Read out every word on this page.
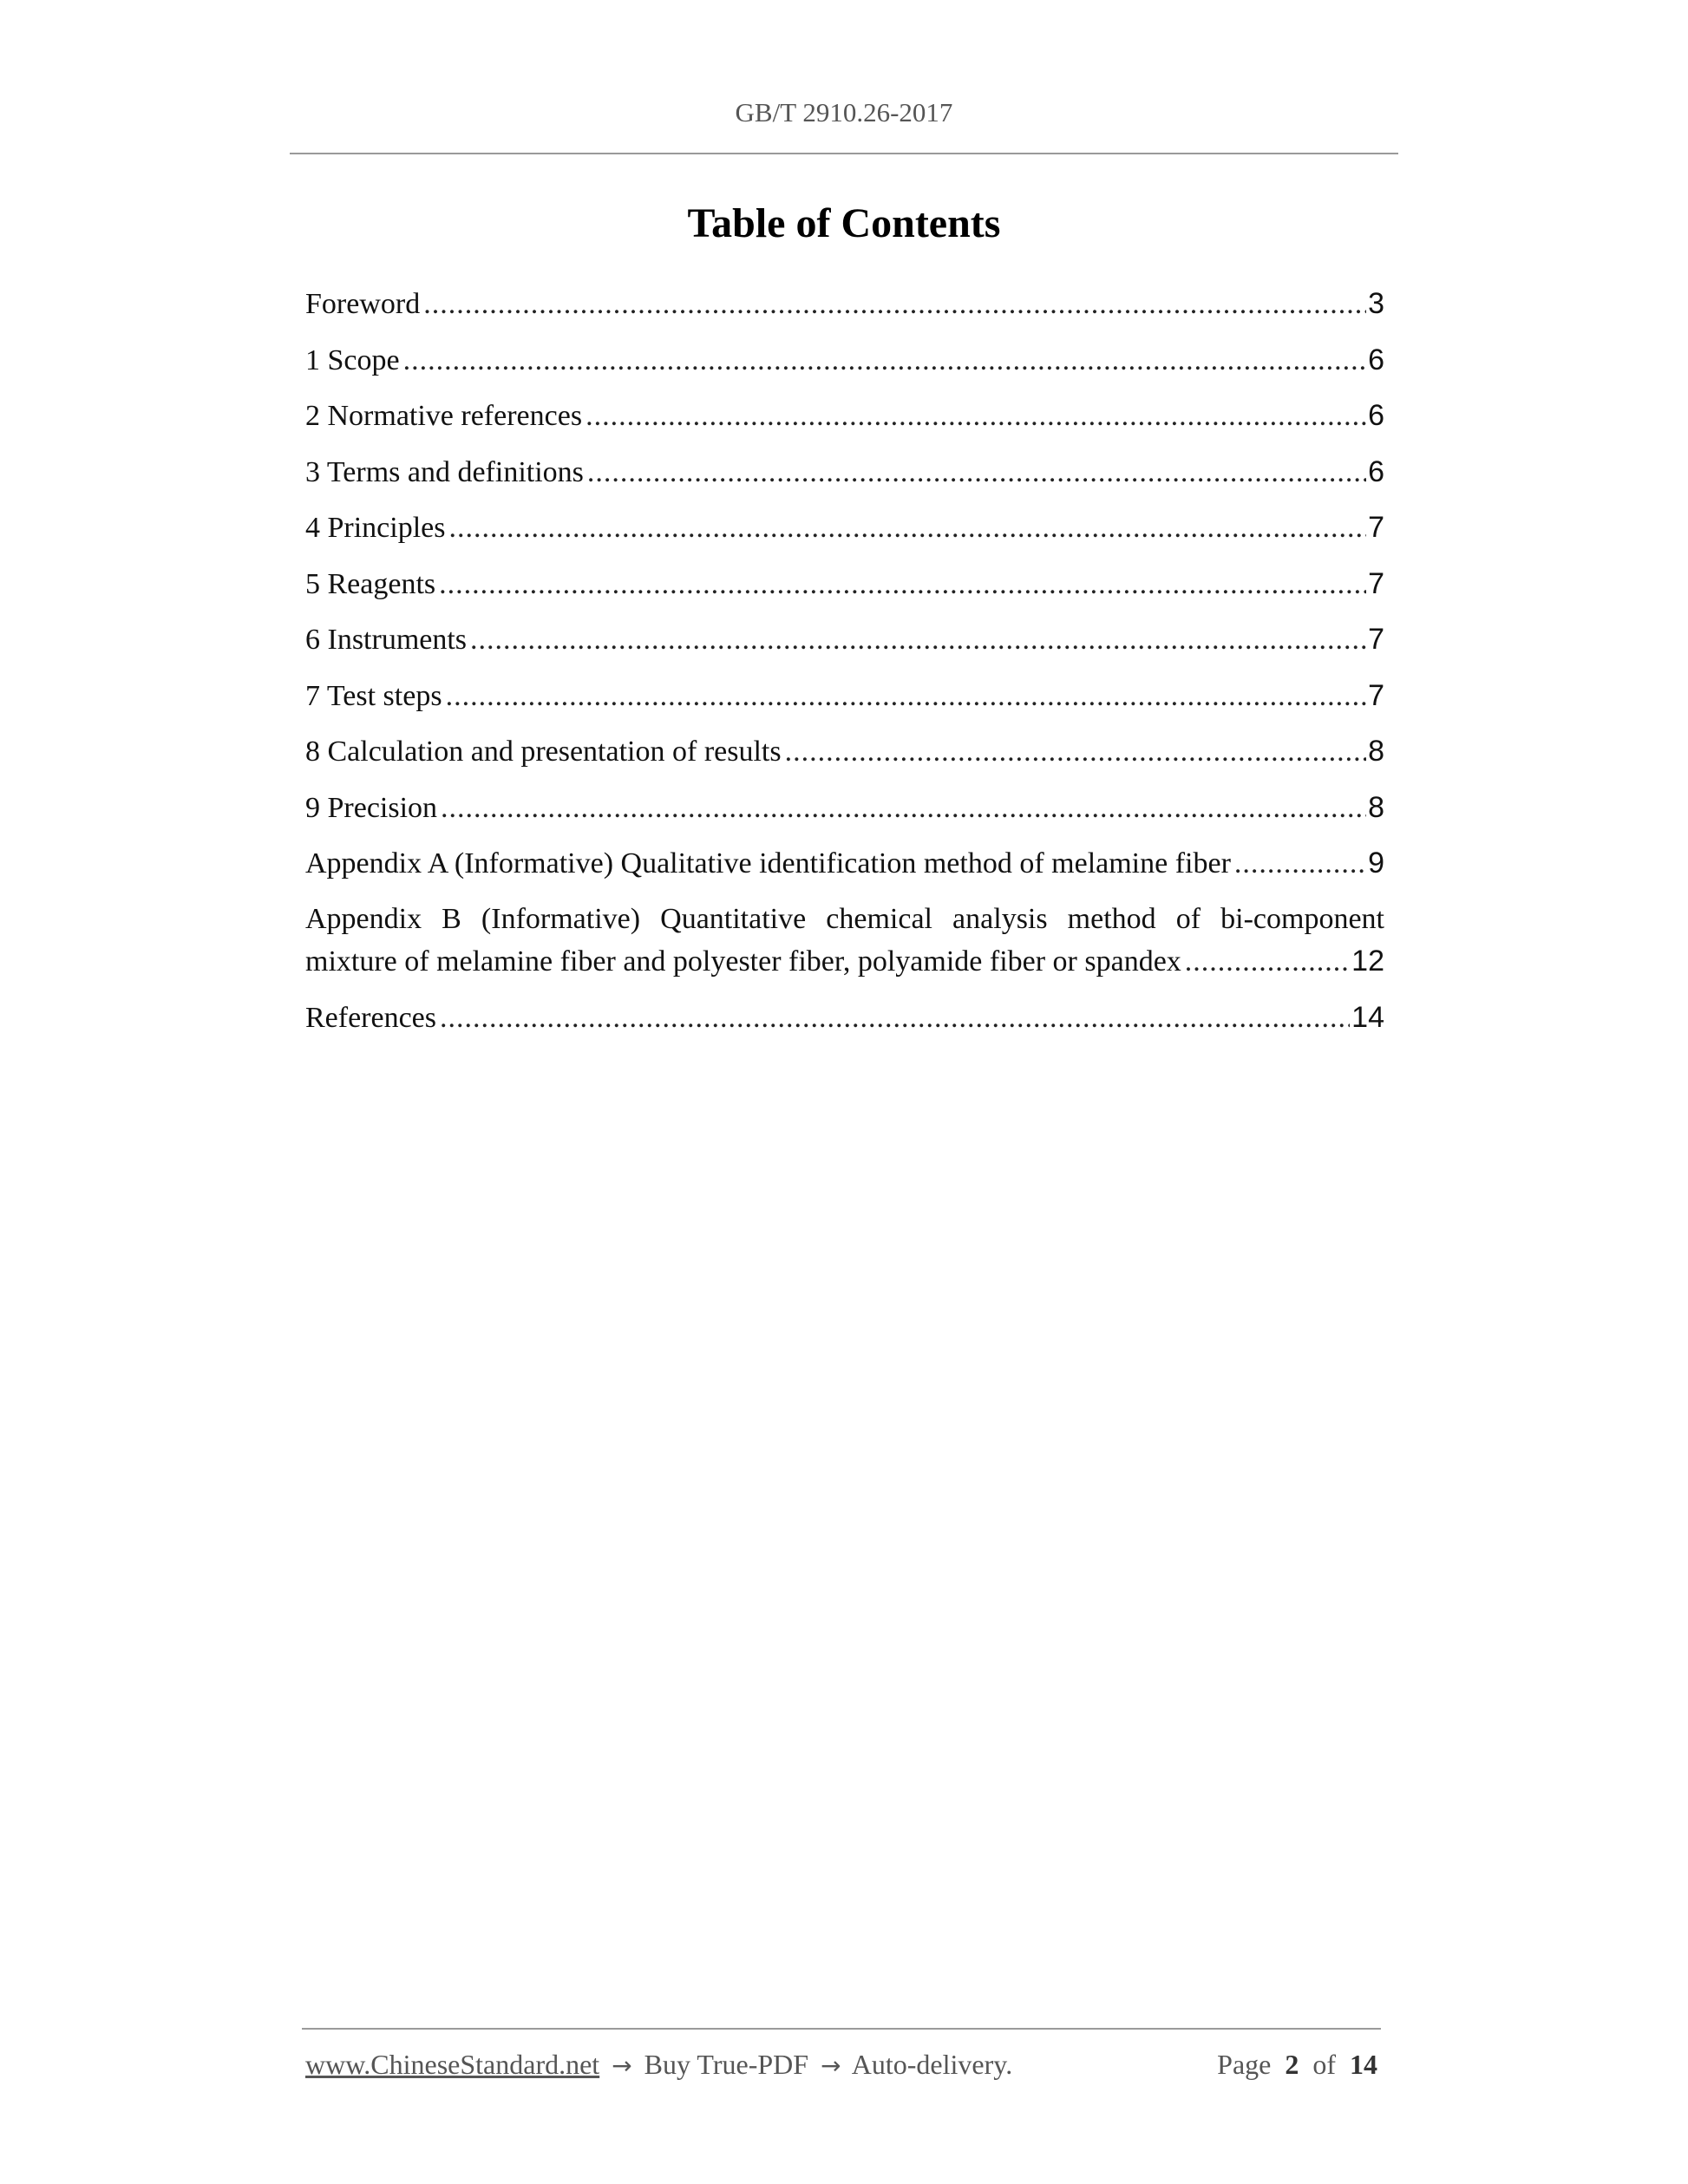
GB/T 2910.26-2017
Table of Contents
Foreword .....	3
1 Scope .....	6
2 Normative references .....	6
3 Terms and definitions .....	6
4 Principles .....	7
5 Reagents .....	7
6 Instruments .....	7
7 Test steps .....	7
8 Calculation and presentation of results .....	8
9 Precision .....	8
Appendix A (Informative) Qualitative identification method of melamine fiber .....	9
Appendix B (Informative) Quantitative chemical analysis method of bi-component
mixture of melamine fiber and polyester fiber, polyamide fiber or spandex .....	12
References .....	14
www.ChineseStandard.net → Buy True-PDF → Auto-delivery.	Page 2 of 14
